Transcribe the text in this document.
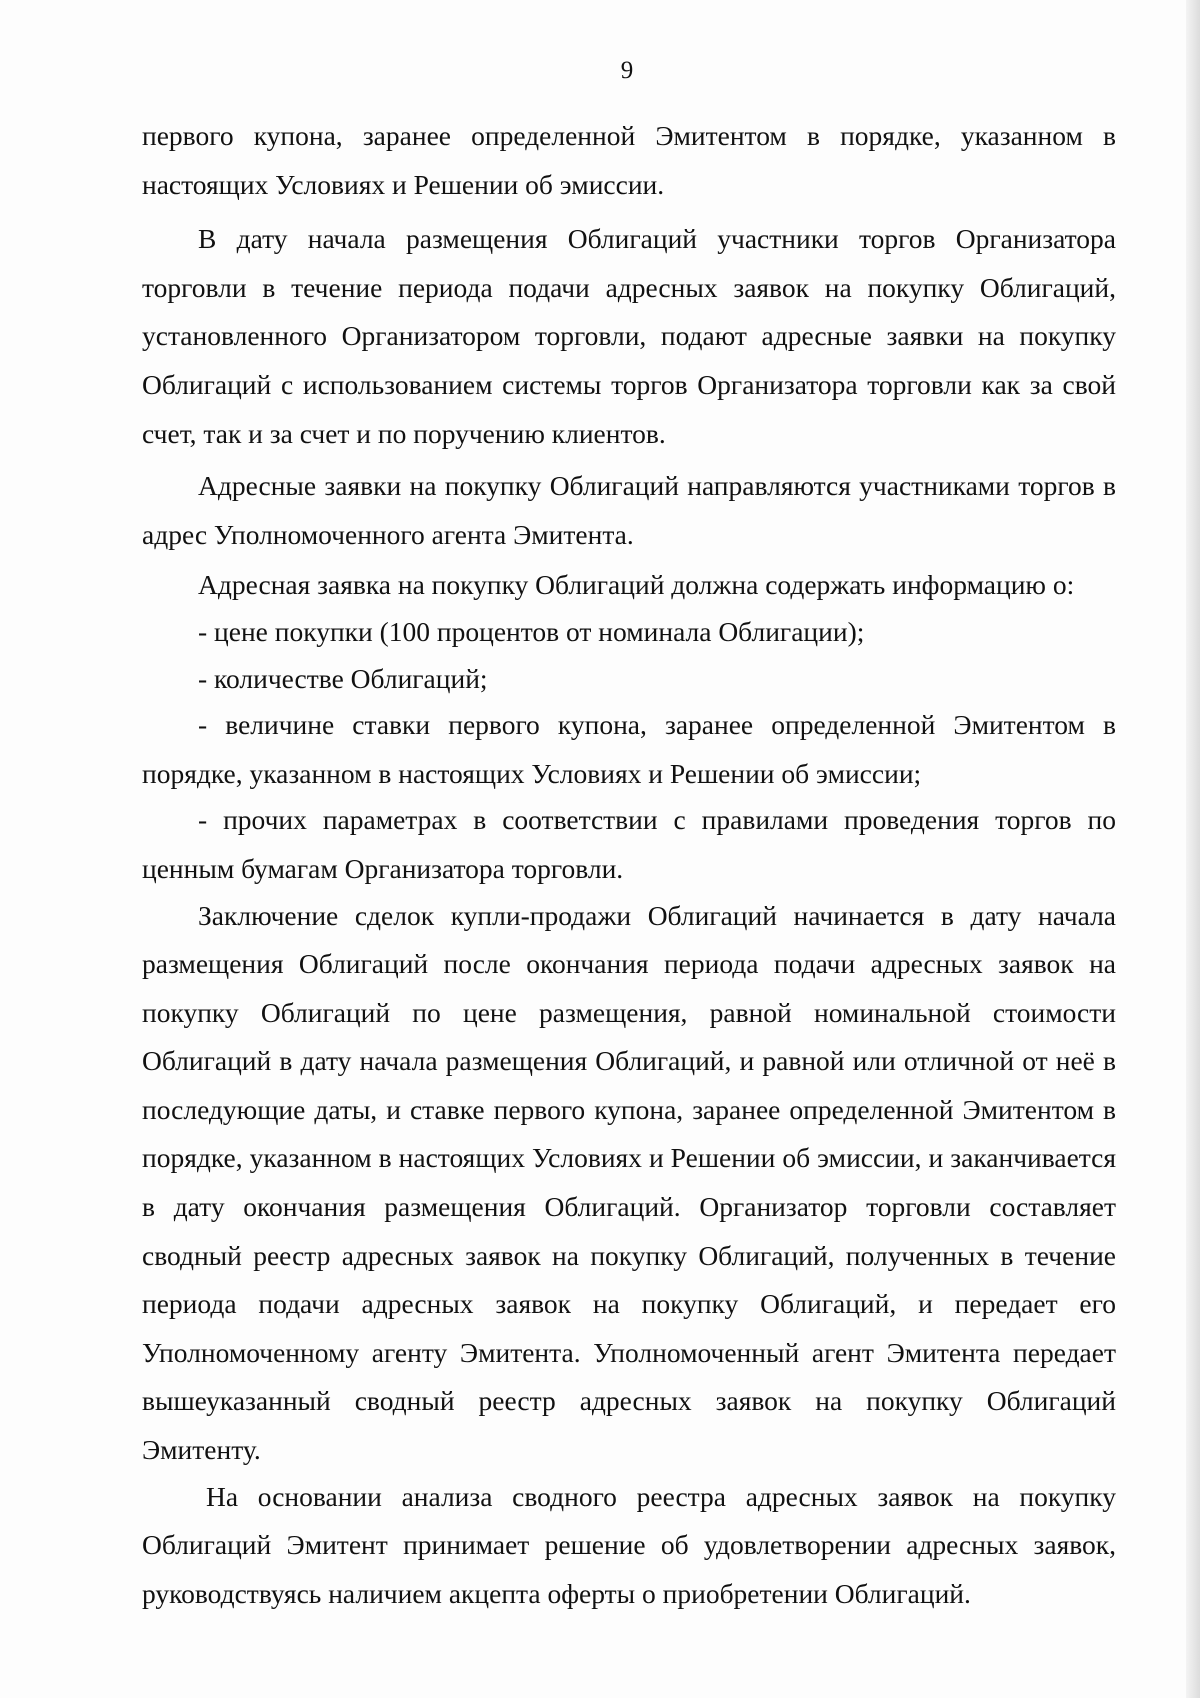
9

первого купона, заранее определенной Эмитентом в порядке, указанном в настоящих Условиях и Решении об эмиссии.

В дату начала размещения Облигаций участники торгов Организатора торговли в течение периода подачи адресных заявок на покупку Облигаций, установленного Организатором торговли, подают адресные заявки на покупку Облигаций с использованием системы торгов Организатора торговли как за свой счет, так и за счет и по поручению клиентов.

Адресные заявки на покупку Облигаций направляются участниками торгов в адрес Уполномоченного агента Эмитента.

Адресная заявка на покупку Облигаций должна содержать информацию о:

- цене покупки (100 процентов от номинала Облигации);

- количестве Облигаций;

- величине ставки первого купона, заранее определенной Эмитентом в порядке, указанном в настоящих Условиях и Решении об эмиссии;

- прочих параметрах в соответствии с правилами проведения торгов по ценным бумагам Организатора торговли.

Заключение сделок купли-продажи Облигаций начинается в дату начала размещения Облигаций после окончания периода подачи адресных заявок на покупку Облигаций по цене размещения, равной номинальной стоимости Облигаций в дату начала размещения Облигаций, и равной или отличной от неё в последующие даты, и ставке первого купона, заранее определенной Эмитентом в порядке, указанном в настоящих Условиях и Решении об эмиссии, и заканчивается в дату окончания размещения Облигаций. Организатор торговли составляет сводный реестр адресных заявок на покупку Облигаций, полученных в течение периода подачи адресных заявок на покупку Облигаций, и передает его Уполномоченному агенту Эмитента. Уполномоченный агент Эмитента передает вышеуказанный сводный реестр адресных заявок на покупку Облигаций Эмитенту.

На основании анализа сводного реестра адресных заявок на покупку Облигаций Эмитент принимает решение об удовлетворении адресных заявок, руководствуясь наличием акцепта оферты о приобретении Облигаций.
